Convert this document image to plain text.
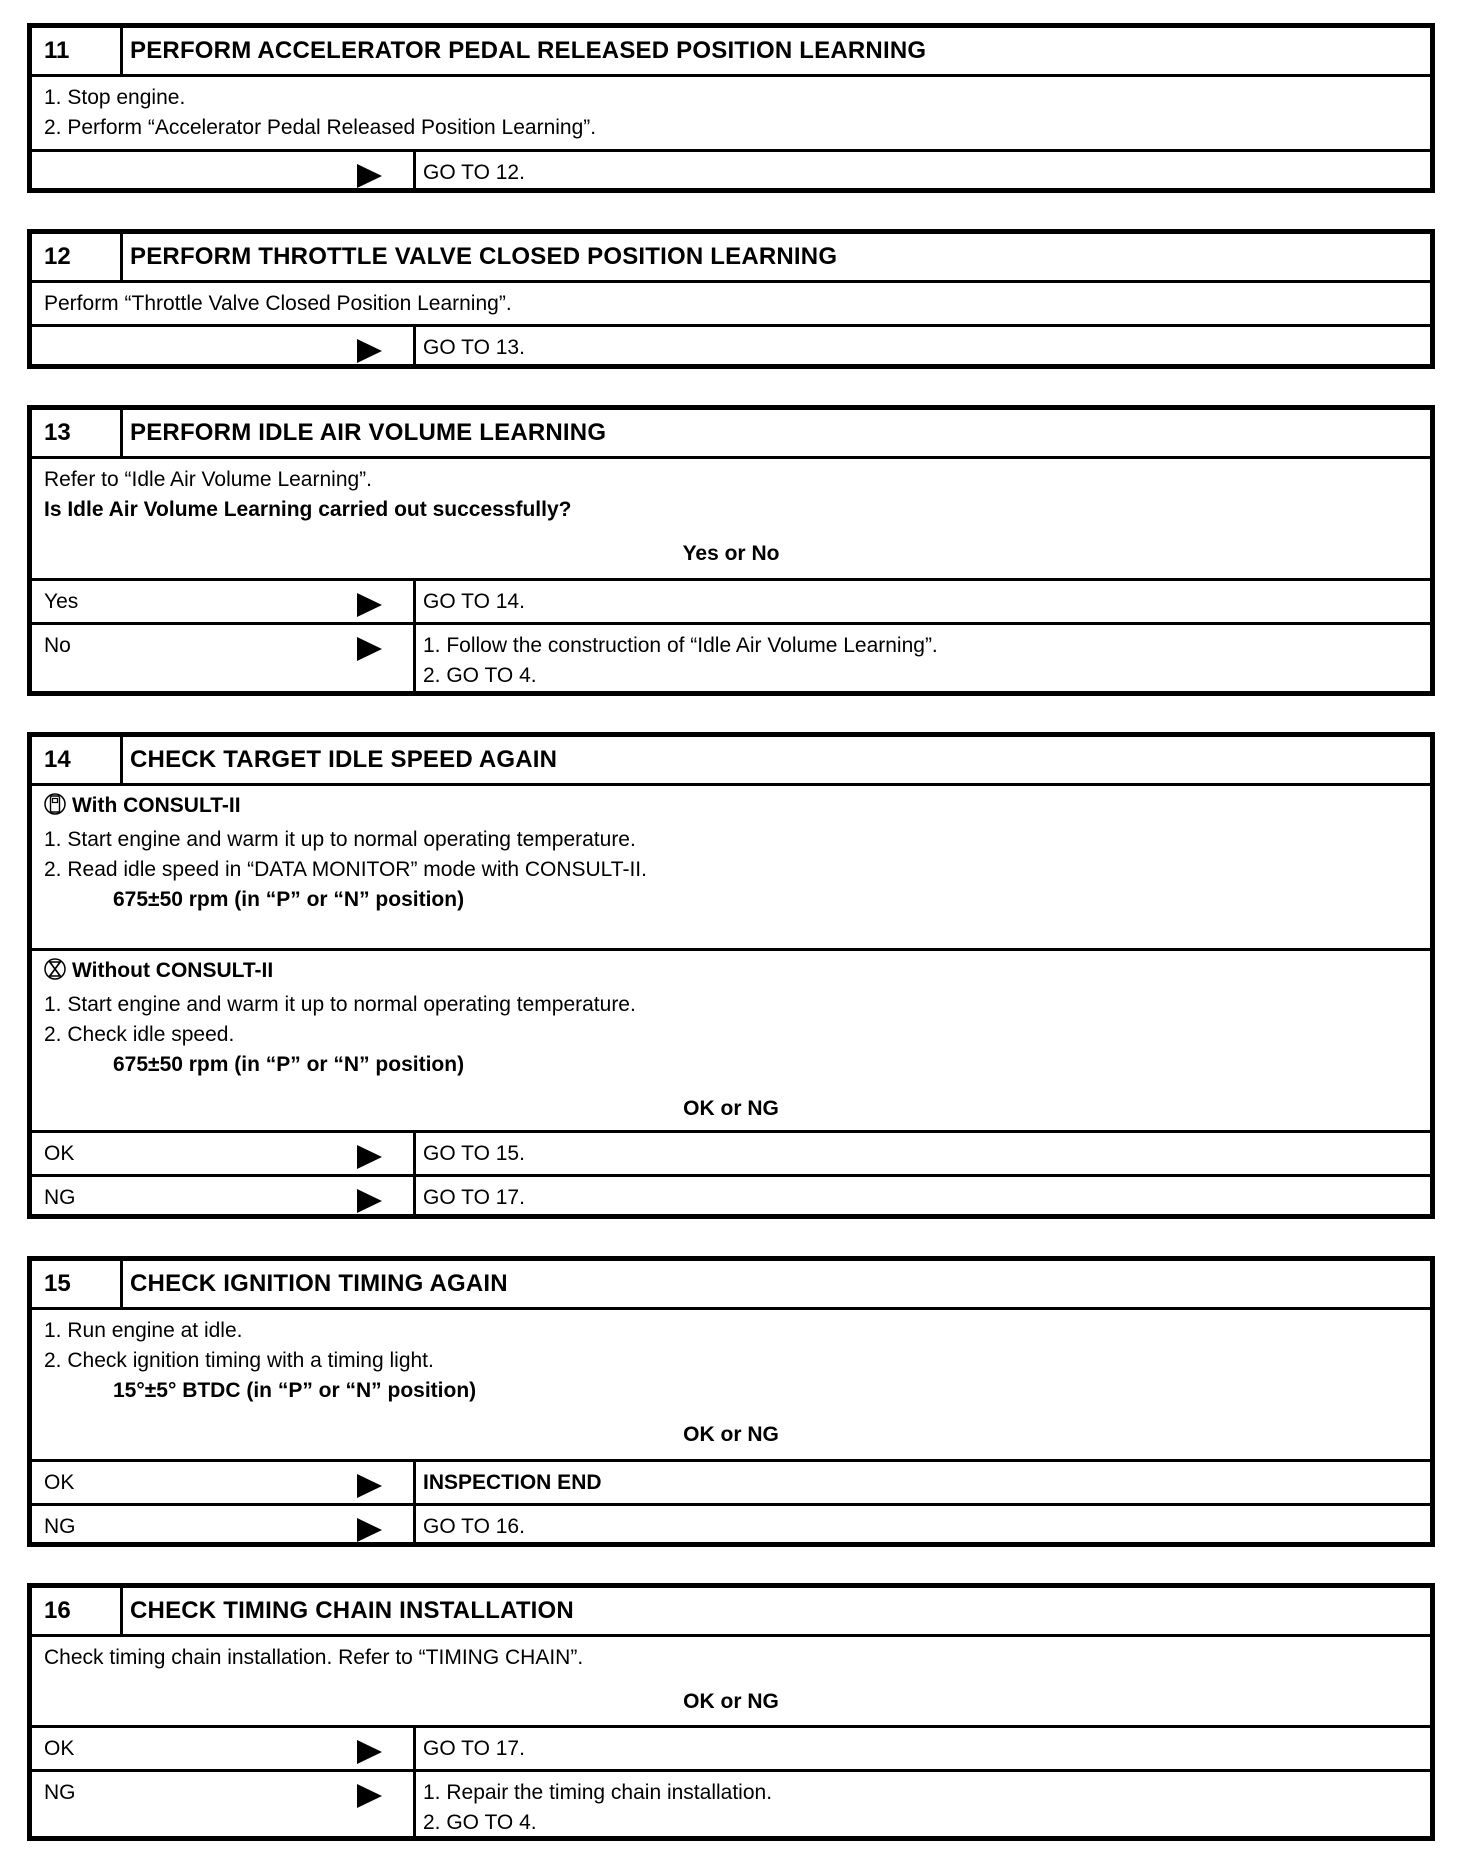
11	PERFORM ACCELERATOR PEDAL RELEASED POSITION LEARNING
1. Stop engine.
2. Perform “Accelerator Pedal Released Position Learning”.
GO TO 12.
12	PERFORM THROTTLE VALVE CLOSED POSITION LEARNING
Perform “Throttle Valve Closed Position Learning”.
GO TO 13.
13	PERFORM IDLE AIR VOLUME LEARNING
Refer to “Idle Air Volume Learning”.
Is Idle Air Volume Learning carried out successfully?
Yes or No
Yes	GO TO 14.
No	1. Follow the construction of “Idle Air Volume Learning”.
2. GO TO 4.
14	CHECK TARGET IDLE SPEED AGAIN
With CONSULT-II
1. Start engine and warm it up to normal operating temperature.
2. Read idle speed in “DATA MONITOR” mode with CONSULT-II.
675±50 rpm (in “P” or “N” position)
Without CONSULT-II
1. Start engine and warm it up to normal operating temperature.
2. Check idle speed.
675±50 rpm (in “P” or “N” position)
OK or NG
OK	GO TO 15.
NG	GO TO 17.
15	CHECK IGNITION TIMING AGAIN
1. Run engine at idle.
2. Check ignition timing with a timing light.
15°±5° BTDC (in “P” or “N” position)
OK or NG
OK	INSPECTION END
NG	GO TO 16.
16	CHECK TIMING CHAIN INSTALLATION
Check timing chain installation. Refer to “TIMING CHAIN”.
OK or NG
OK	GO TO 17.
NG	1. Repair the timing chain installation.
2. GO TO 4.
